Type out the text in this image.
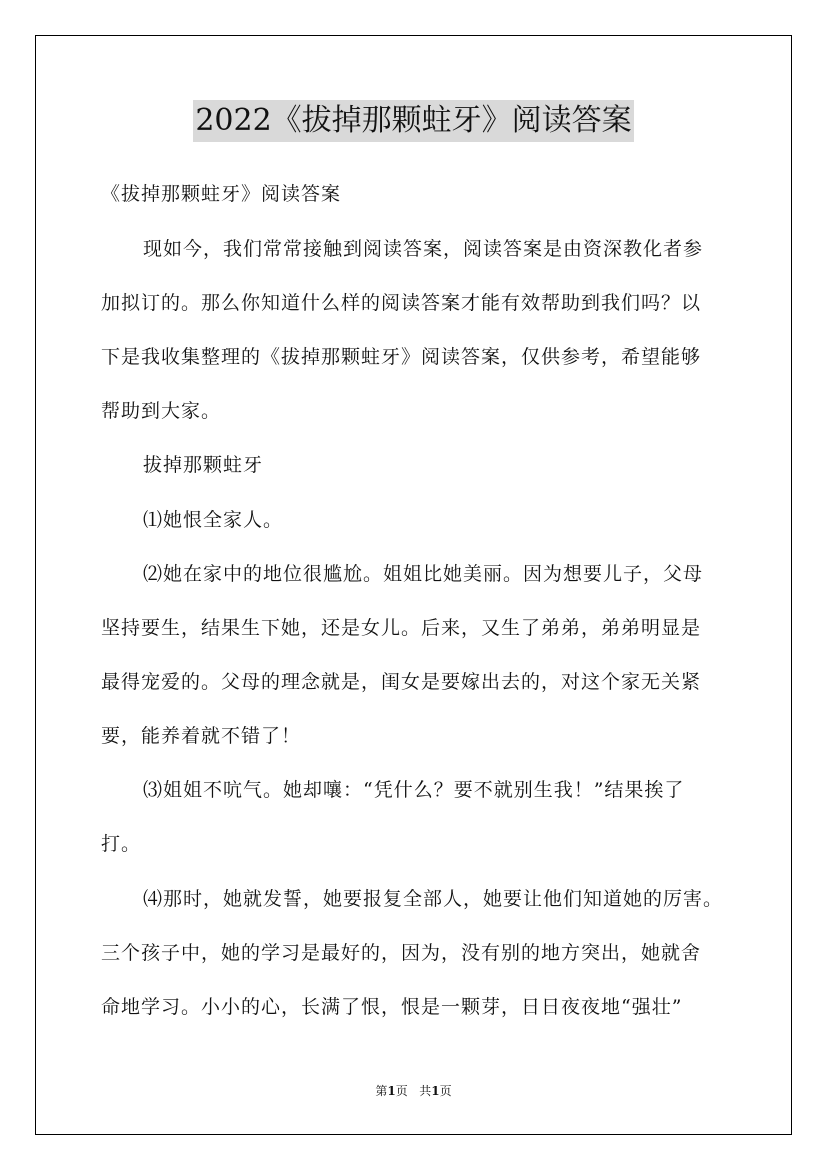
2022《拔掉那颗蛀牙》阅读答案
《拔掉那颗蛀牙》阅读答案
现如今，我们常常接触到阅读答案，阅读答案是由资深教化者参
加拟订的。那么你知道什么样的阅读答案才能有效帮助到我们吗？以
下是我收集整理的《拔掉那颗蛀牙》阅读答案，仅供参考，希望能够
帮助到大家。
拔掉那颗蛀牙
⑴她恨全家人。
⑵她在家中的地位很尴尬。姐姐比她美丽。因为想要儿子，父母
坚持要生，结果生下她，还是女儿。后来，又生了弟弟，弟弟明显是
最得宠爱的。父母的理念就是，闺女是要嫁出去的，对这个家无关紧
要，能养着就不错了！
⑶姐姐不吭气。她却嚷：“凭什么？要不就别生我！”结果挨了
打。
⑷那时，她就发誓，她要报复全部人，她要让他们知道她的厉害。
三个孩子中，她的学习是最好的，因为，没有别的地方突出，她就舍
命地学习。小小的心，长满了恨，恨是一颗芽，日日夜夜地“强壮”
第1页   共1页
